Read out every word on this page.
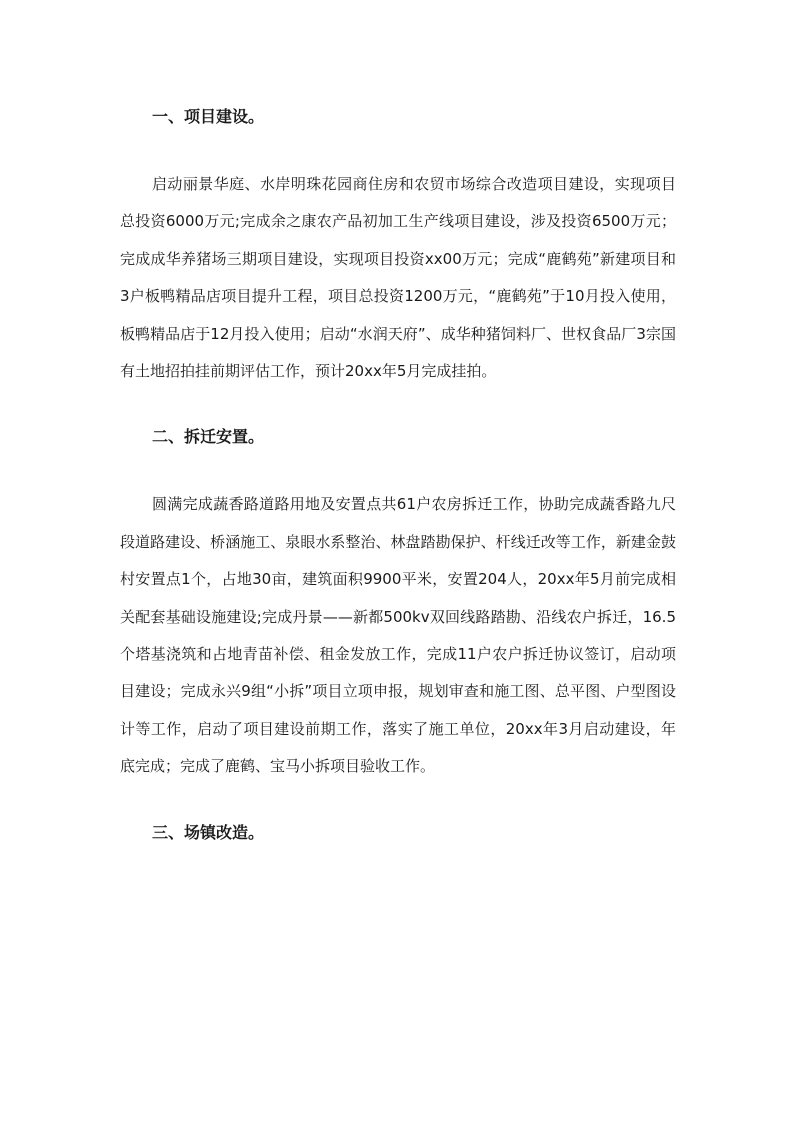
一、项目建设。

启动丽景华庭、水岸明珠花园商住房和农贸市场综合改造项目建设，实现项目总投资6000万元;完成余之康农产品初加工生产线项目建设，涉及投资6500万元；完成成华养猪场三期项目建设，实现项目投资xx00万元；完成“鹿鹤苑”新建项目和3户板鸭精品店项目提升工程，项目总投资1200万元，“鹿鹤苑”于10月投入使用，板鸭精品店于12月投入使用；启动“水润天府”、成华种猪饲料厂、世权食品厂3宗国有土地招拍挂前期评估工作，预计20xx年5月完成挂拍。

二、拆迁安置。

圆满完成蔬香路道路用地及安置点共61户农房拆迁工作，协助完成蔬香路九尺段道路建设、桥涵施工、泉眼水系整治、林盘踏勘保护、杆线迁改等工作，新建金鼓村安置点1个，占地30亩，建筑面积9900平米，安置204人，20xx年5月前完成相关配套基础设施建设;完成丹景——新都500kv双回线路踏勘、沿线农户拆迁，16.5个塔基浇筑和占地青苗补偿、租金发放工作，完成11户农户拆迁协议签订，启动项目建设；完成永兴9组“小拆”项目立项申报，规划审查和施工图、总平图、户型图设计等工作，启动了项目建设前期工作，落实了施工单位，20xx年3月启动建设，年底完成；完成了鹿鹤、宝马小拆项目验收工作。

三、场镇改造。
